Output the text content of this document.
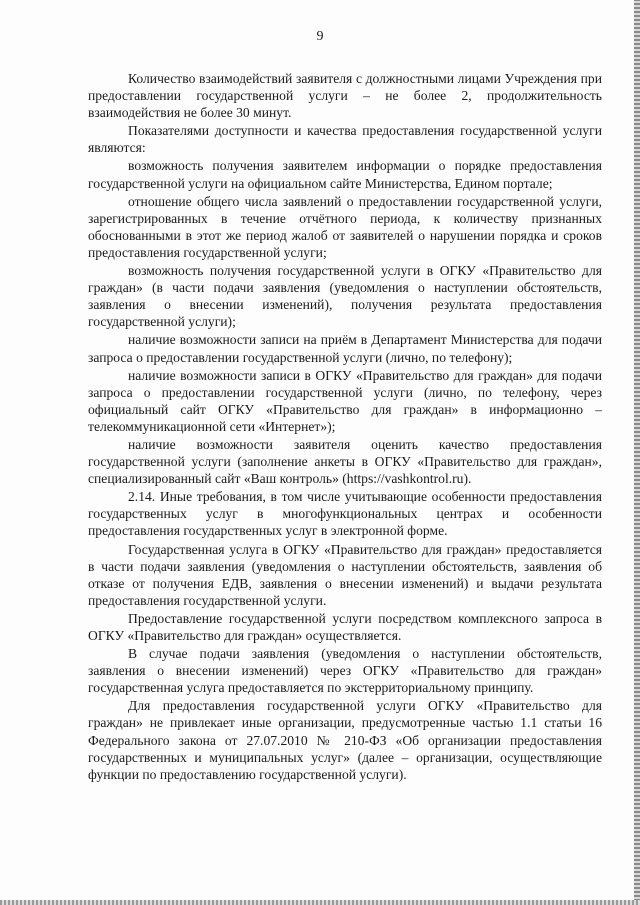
9

Количество взаимодействий заявителя с должностными лицами Учреждения при предоставлении государственной услуги – не более 2, продолжительность взаимодействия не более 30 минут.

Показателями доступности и качества предоставления государственной услуги являются:

возможность получения заявителем информации о порядке предоставления государственной услуги на официальном сайте Министерства, Едином портале;

отношение общего числа заявлений о предоставлении государственной услуги, зарегистрированных в течение отчётного периода, к количеству признанных обоснованными в этот же период жалоб от заявителей о нарушении порядка и сроков предоставления государственной услуги;

возможность получения государственной услуги в ОГКУ «Правительство для граждан» (в части подачи заявления (уведомления о наступлении обстоятельств, заявления о внесении изменений), получения результата предоставления государственной услуги);

наличие возможности записи на приём в Департамент Министерства для подачи запроса о предоставлении государственной услуги (лично, по телефону);

наличие возможности записи в ОГКУ «Правительство для граждан» для подачи запроса о предоставлении государственной услуги (лично, по телефону, через официальный сайт ОГКУ «Правительство для граждан» в информационно – телекоммуникационной сети «Интернет»);

наличие возможности заявителя оценить качество предоставления государственной услуги (заполнение анкеты в ОГКУ «Правительство для граждан», специализированный сайт «Ваш контроль» (https://vashkontrol.ru).

2.14. Иные требования, в том числе учитывающие особенности предоставления государственных услуг в многофункциональных центрах и особенности предоставления государственных услуг в электронной форме.

Государственная услуга в ОГКУ «Правительство для граждан» предоставляется в части подачи заявления (уведомления о наступлении обстоятельств, заявления об отказе от получения ЕДВ, заявления о внесении изменений) и выдачи результата предоставления государственной услуги.

Предоставление государственной услуги посредством комплексного запроса в ОГКУ «Правительство для граждан» осуществляется.

В случае подачи заявления (уведомления о наступлении обстоятельств, заявления о внесении изменений) через ОГКУ «Правительство для граждан» государственная услуга предоставляется по экстерриториальному принципу.

Для предоставления государственной услуги ОГКУ «Правительство для граждан» не привлекает иные организации, предусмотренные частью 1.1 статьи 16 Федерального закона от 27.07.2010 № 210-ФЗ «Об организации предоставления государственных и муниципальных услуг» (далее – организации, осуществляющие функции по предоставлению государственной услуги).
